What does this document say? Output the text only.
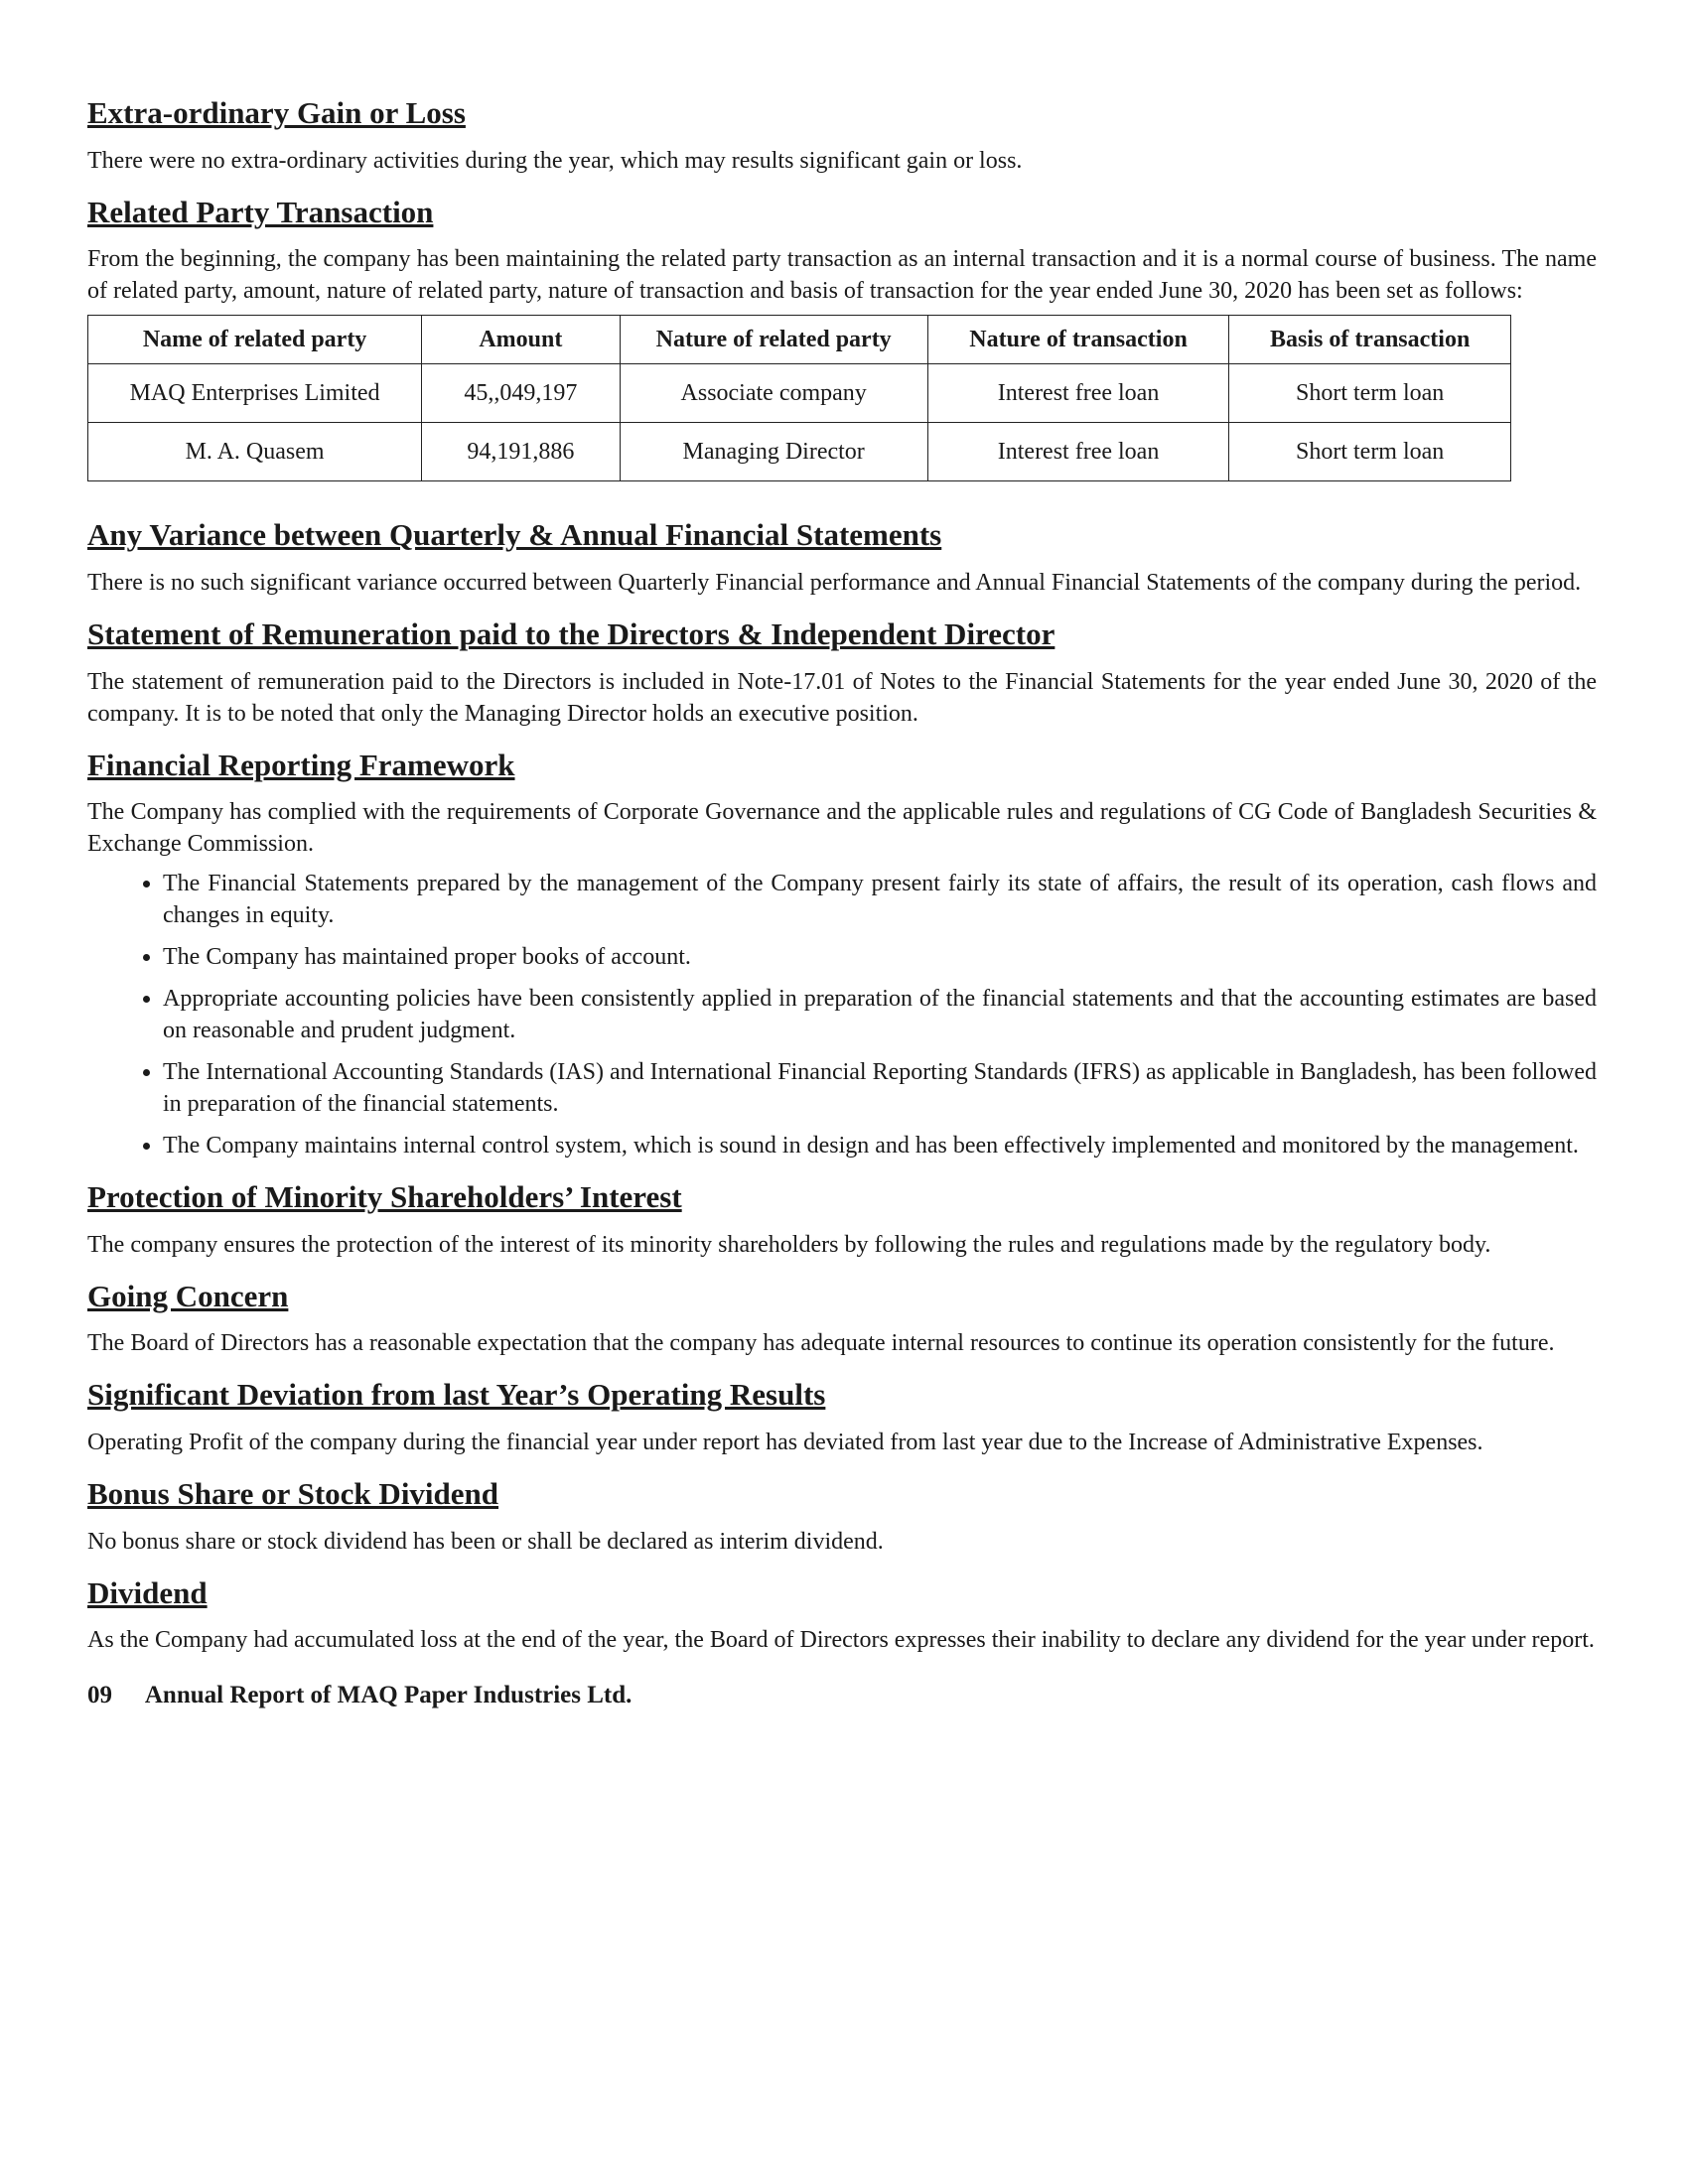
Extra-ordinary Gain or Loss

There were no extra-ordinary activities during the year, which may results significant gain or loss.

Related Party Transaction

From the beginning, the company has been maintaining the related party transaction as an internal transaction and it is a normal course of business. The name of related party, amount, nature of related party, nature of transaction and basis of transaction for the year ended June 30, 2020 has been set as follows:

Name of related party	Amount	Nature of related party	Nature of transaction	Basis of transaction
MAQ Enterprises Limited	45,,049,197	Associate company	Interest free loan	Short term loan
M. A. Quasem	94,191,886	Managing Director	Interest free loan	Short term loan
Any Variance between Quarterly & Annual Financial Statements

There is no such significant variance occurred between Quarterly Financial performance and Annual Financial Statements of the company during the period.

Statement of Remuneration paid to the Directors & Independent Director

The statement of remuneration paid to the Directors is included in Note-17.01 of Notes to the Financial Statements for the year ended June 30, 2020 of the company. It is to be noted that only the Managing Director holds an executive position.

Financial Reporting Framework

The Company has complied with the requirements of Corporate Governance and the applicable rules and regulations of CG Code of Bangladesh Securities & Exchange Commission.

• The Financial Statements prepared by the management of the Company present fairly its state of affairs, the result of its operation, cash flows and changes in equity.
• The Company has maintained proper books of account.
• Appropriate accounting policies have been consistently applied in preparation of the financial statements and that the accounting estimates are based on reasonable and prudent judgment.
• The International Accounting Standards (IAS) and International Financial Reporting Standards (IFRS) as applicable in Bangladesh, has been followed in preparation of the financial statements.
• The Company maintains internal control system, which is sound in design and has been effectively implemented and monitored by the management.
Protection of Minority Shareholders’ Interest

The company ensures the protection of the interest of its minority shareholders by following the rules and regulations made by the regulatory body.

Going Concern

The Board of Directors has a reasonable expectation that the company has adequate internal resources to continue its operation consistently for the future.

Significant Deviation from last Year’s Operating Results

Operating Profit of the company during the financial year under report has deviated from last year due to the Increase of Administrative Expenses.

Bonus Share or Stock Dividend

No bonus share or stock dividend has been or shall be declared as interim dividend.

Dividend

As the Company had accumulated loss at the end of the year, the Board of Directors expresses their inability to declare any dividend for the year under report.

09 Annual Report of MAQ Paper Industries Ltd.
